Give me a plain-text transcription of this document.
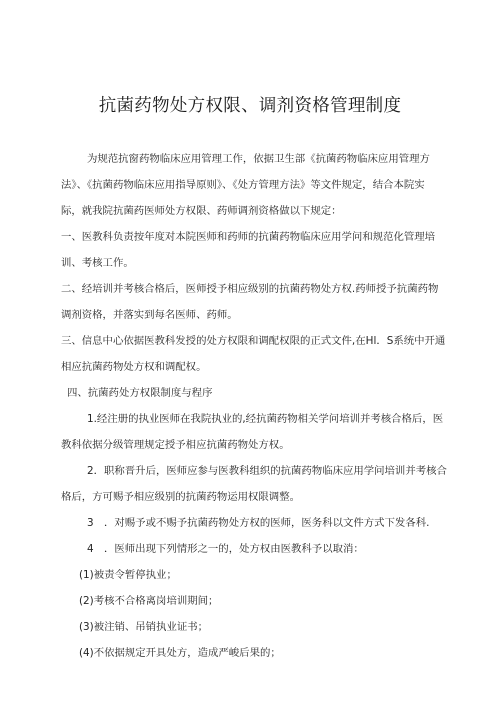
抗菌药物处方权限、调剂资格管理制度
为规范抗窗药物临床应用管理工作，依据卫生部《抗菌药物临床应用管理方
法》、《抗菌药物临床应用指导原则》、《处方管理方法》等文件规定，结合本院实
际，就我院抗菌药医师处方权限、药师调剂资格做以下规定：
一、医教科负责按年度对本院医师和药师的抗菌药物临床应用学问和规范化管理培
训、考核工作。
二、经培训并考核合格后，医师授予相应级别的抗菌药物处方权.药师授予抗菌药物
调剂资格，并落实到每名医师、药师。
三、信息中心依据医教科发授的处方权限和调配权限的正式文件,在Hl．S系统中开通
相应抗菌药物处方权和调配权。
四、抗菌药处方权限制度与程序
1.经注册的执业医师在我院执业的,经抗菌药物相关学问培训并考核合格后，医
教科依据分级管理规定授予相应抗菌药物处方权。
2．职称晋升后，医师应参与医教科组织的抗菌药物临床应用学问培训并考核合
格后，方可赐予相应级别的抗菌药物运用权限调整。
3　．对赐予或不赐予抗菌药物处方权的医师，医务科以文件方式下发各科.
4　．医师出现下列情形之一的，处方权由医教科予以取消：
(1)被责令暂停执业；
(2)考核不合格离岗培训期间；
(3)被注销、吊销执业证书；
(4)不依据规定开具处方，造成严峻后果的；
